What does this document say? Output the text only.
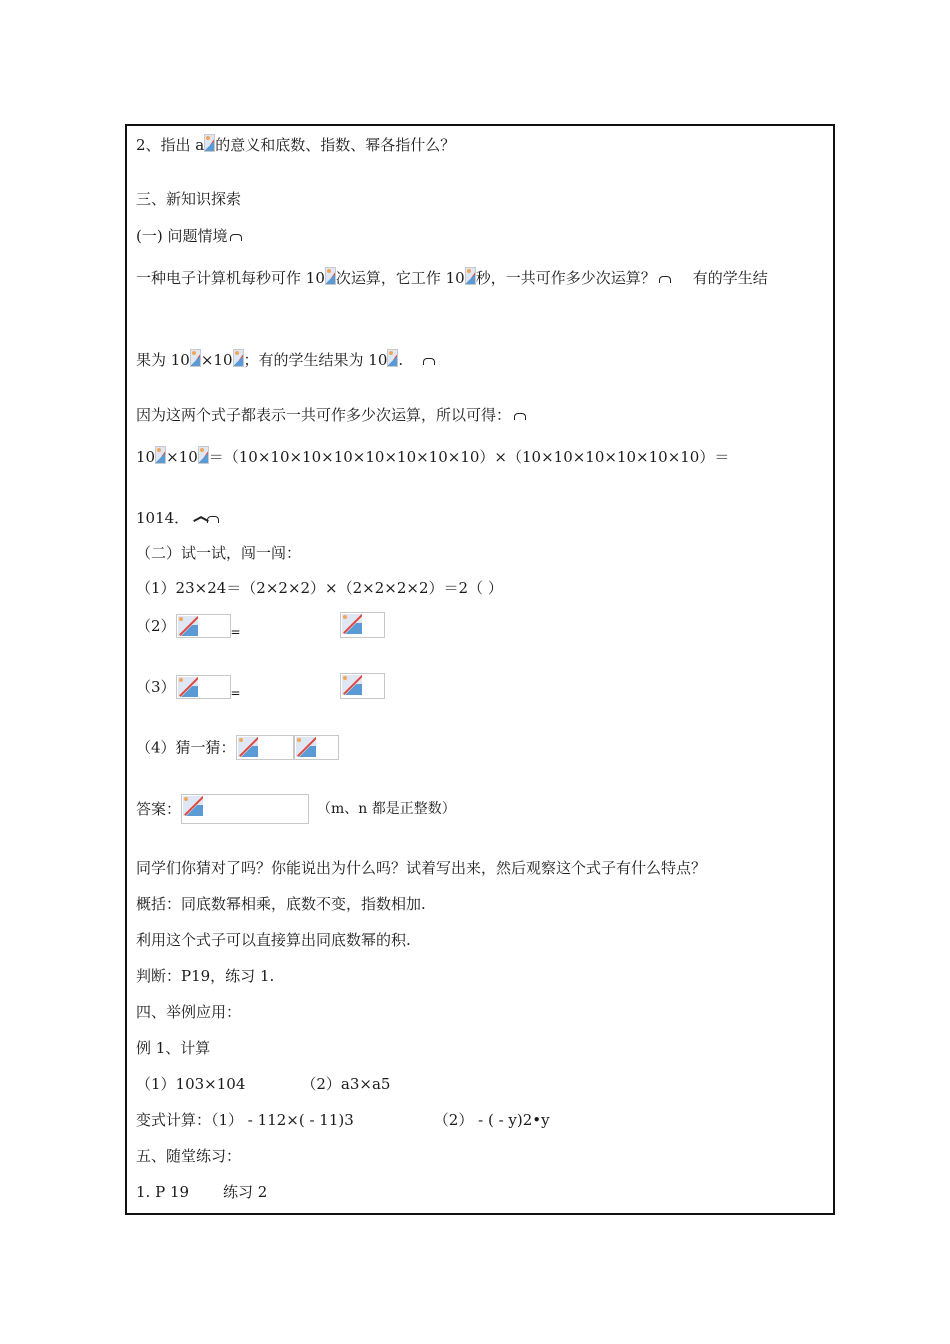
2、指出 a 的意义和底数、指数、幂各指什么？
三、新知识探索
(一) 问题情境
一种电子计算机每秒可作 10 次运算，它工作 10 秒，一共可作多少次运算？ 有的学生结
果为 10 ×10 ；有的学生结果为 10 .
因为这两个式子都表示一共可作多少次运算，所以可得：
10 ×10 ＝（10×10×10×10×10×10×10×10）×（10×10×10×10×10×10）＝
1014．
（二）试一试，闯一闯：
（1）23×24＝（2×2×2）×（2×2×2×2）＝2（ ）
（2）	$_=$
（3）	$_=$
（4）猜一猜：
答案：	（m、n 都是正整数）
同学们你猜对了吗？你能说出为什么吗？试着写出来，然后观察这个式子有什么特点？
概括：同底数幂相乘，底数不变，指数相加.
利用这个式子可以直接算出同底数幂的积.
判断：P19，练习 1.
四、举例应用：
例 1、计算
（1）103×104	（2）a3×a5
变式计算：（1） - 112×( - 11)3	（2） - ( - y)2•y
五、随堂练习：
1. P 19 练习 2
